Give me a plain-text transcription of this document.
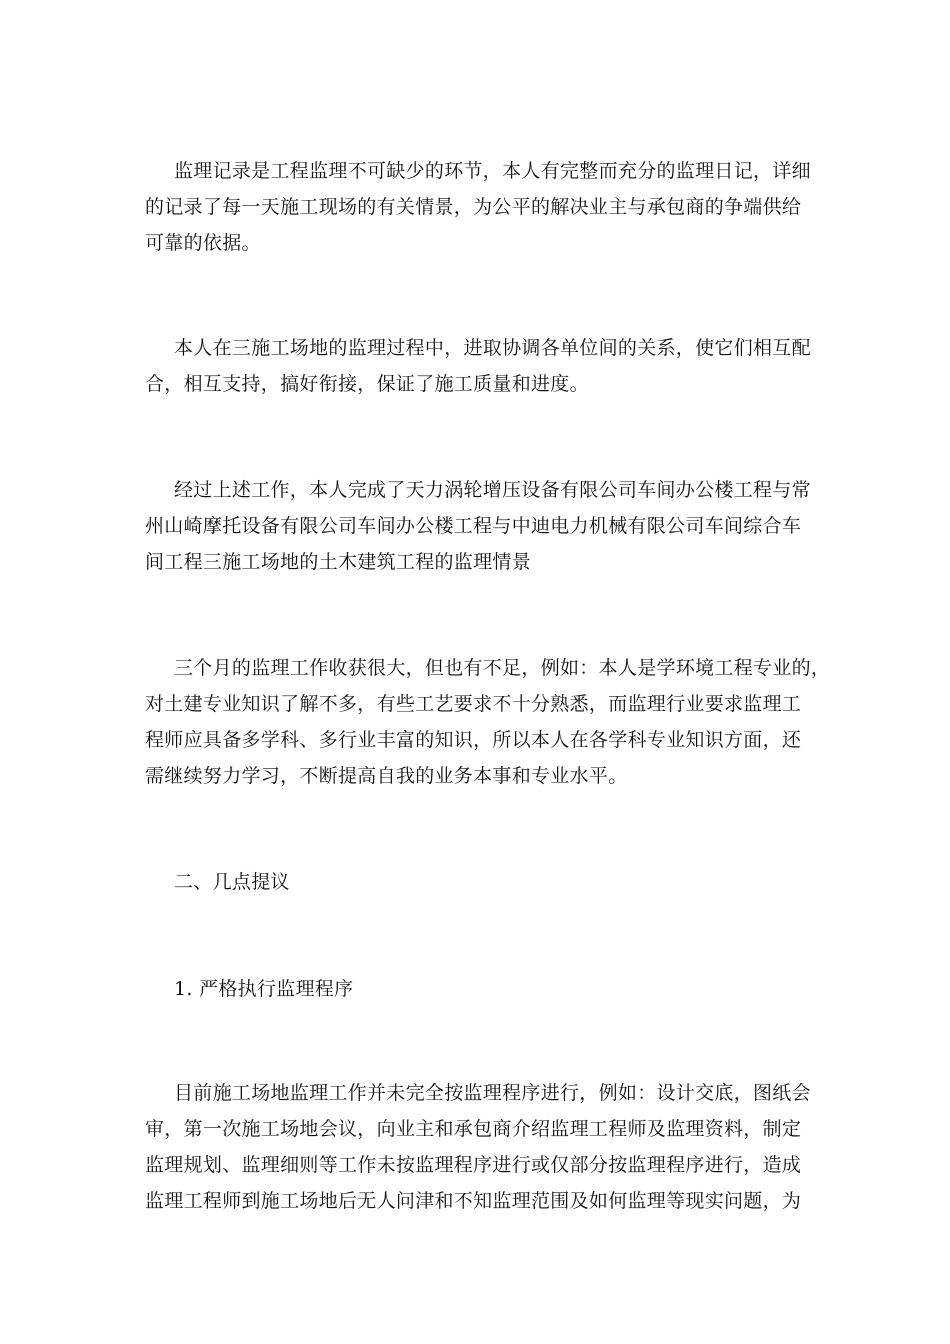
监理记录是工程监理不可缺少的环节，本人有完整而充分的监理日记，详细
的记录了每一天施工现场的有关情景，为公平的解决业主与承包商的争端供给
可靠的依据。
本人在三施工场地的监理过程中，进取协调各单位间的关系，使它们相互配
合，相互支持，搞好衔接，保证了施工质量和进度。
经过上述工作，本人完成了天力涡轮增压设备有限公司车间办公楼工程与常
州山崎摩托设备有限公司车间办公楼工程与中迪电力机械有限公司车间综合车
间工程三施工场地的土木建筑工程的监理情景
三个月的监理工作收获很大，但也有不足，例如：本人是学环境工程专业的，
对土建专业知识了解不多，有些工艺要求不十分熟悉，而监理行业要求监理工
程师应具备多学科、多行业丰富的知识，所以本人在各学科专业知识方面，还
需继续努力学习，不断提高自我的业务本事和专业水平。
二、几点提议
1. 严格执行监理程序
目前施工场地监理工作并未完全按监理程序进行，例如：设计交底，图纸会
审，第一次施工场地会议，向业主和承包商介绍监理工程师及监理资料，制定
监理规划、监理细则等工作未按监理程序进行或仅部分按监理程序进行，造成
监理工程师到施工场地后无人问津和不知监理范围及如何监理等现实问题，为
